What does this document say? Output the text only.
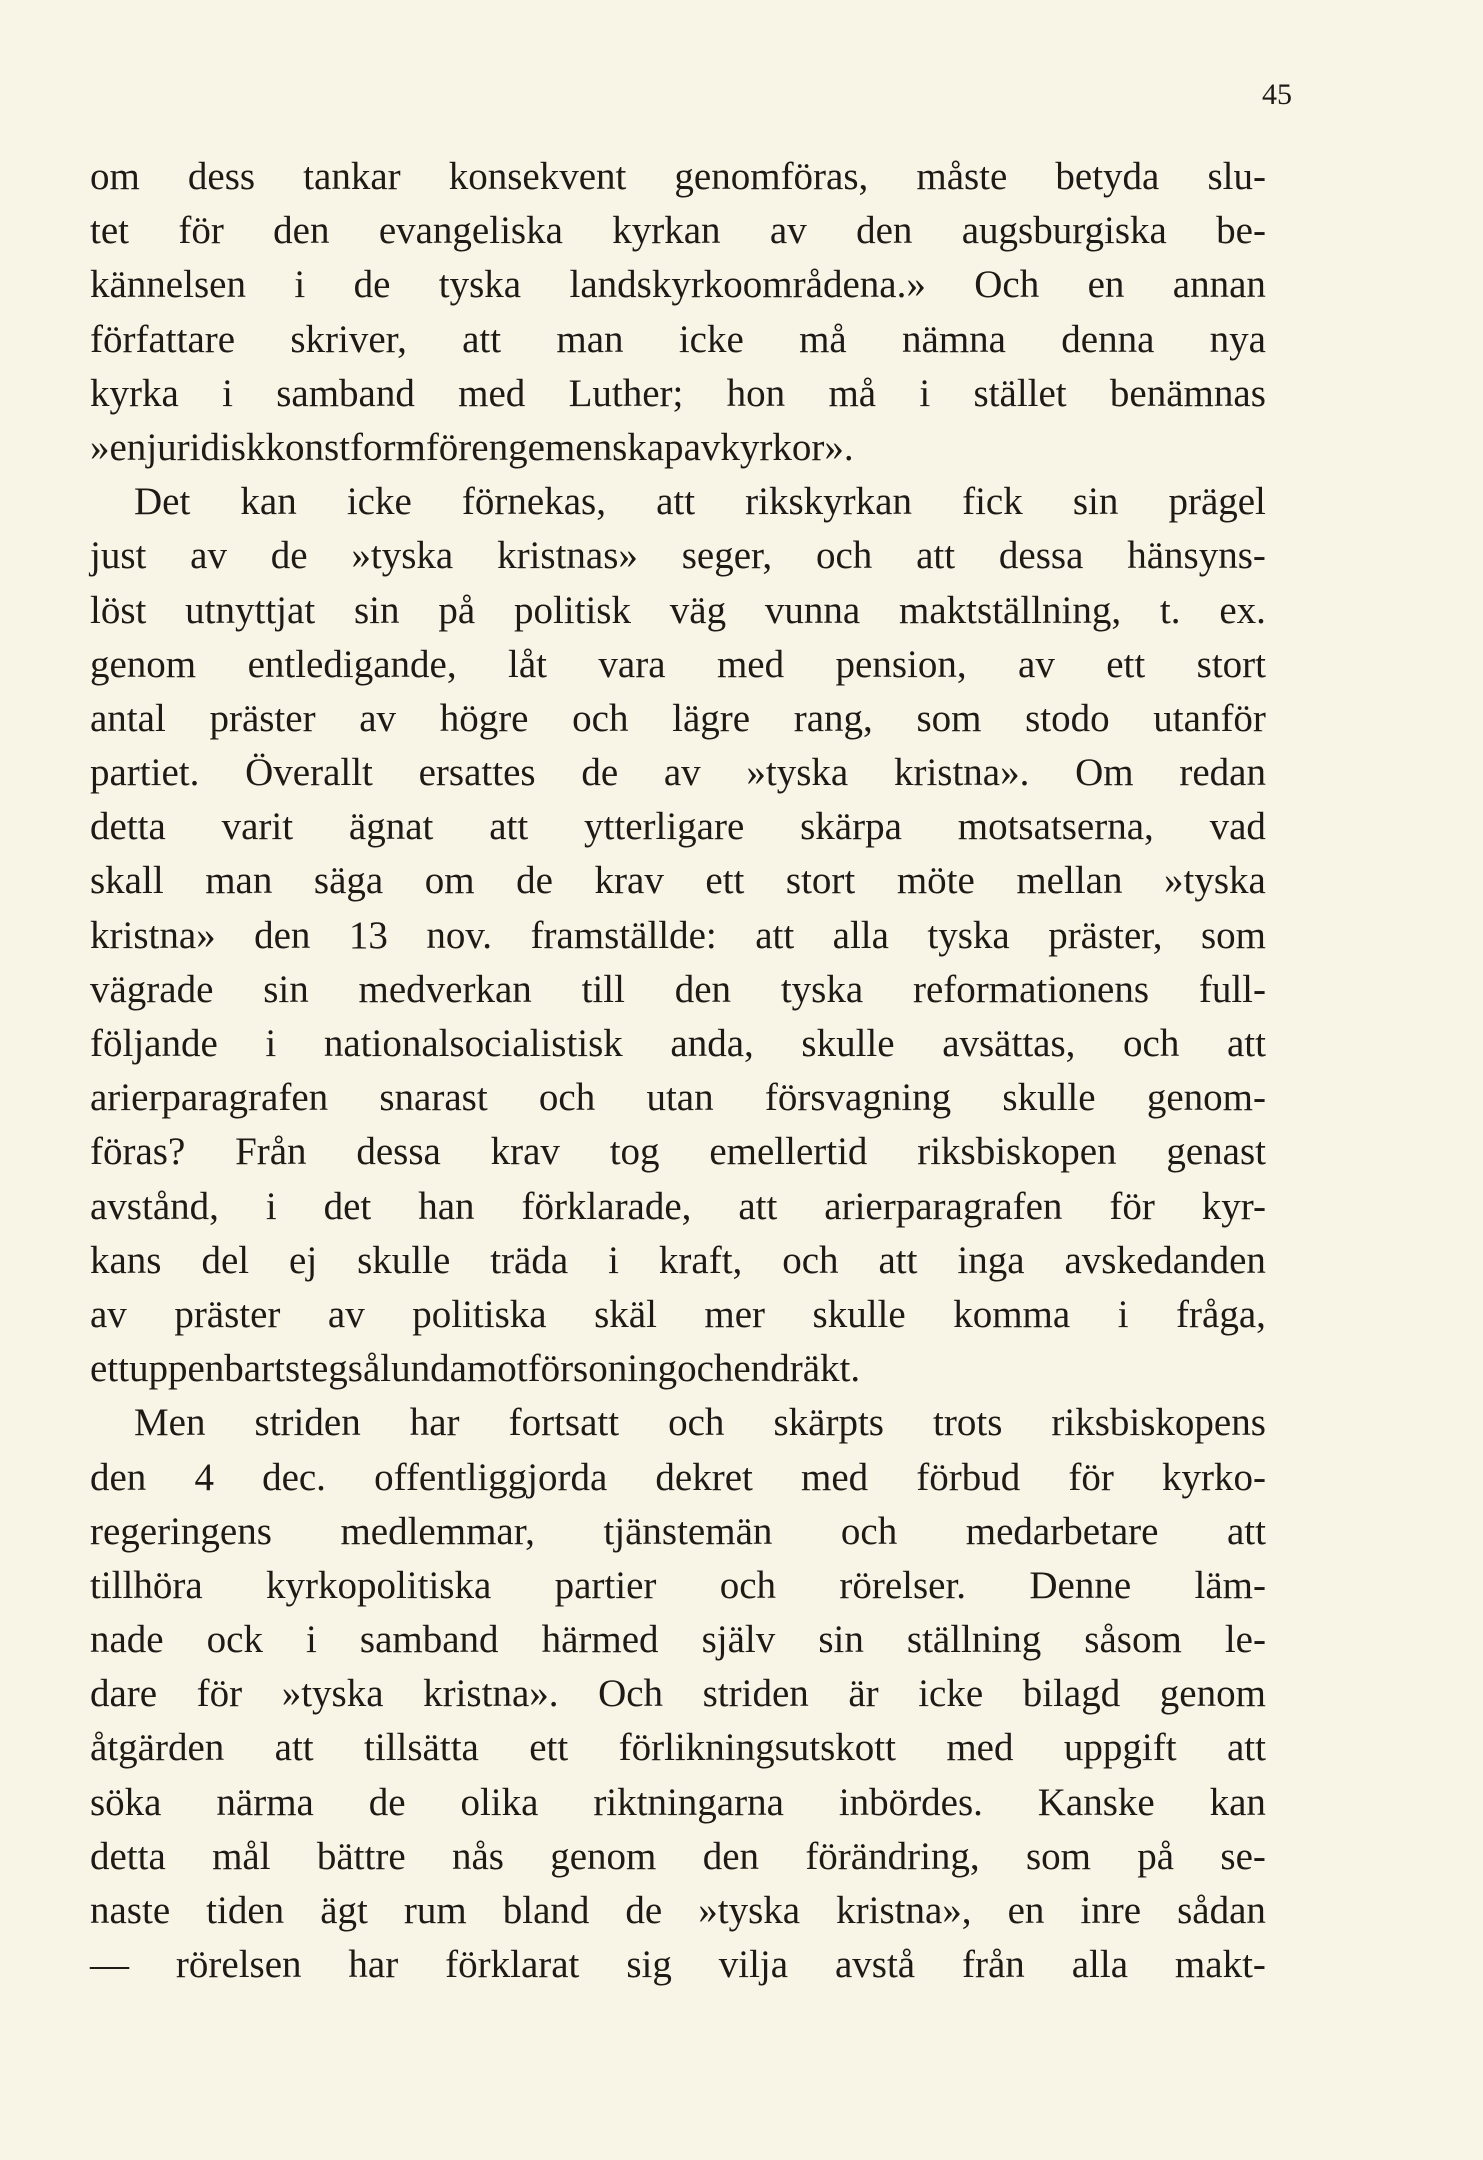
45
om dess tankar konsekvent genomföras, måste betyda slu-
tet för den evangeliska kyrkan av den augsburgiska be-
kännelsen i de tyska landskyrkoområdena.» Och en annan
författare skriver, att man icke må nämna denna nya
kyrka i samband med Luther; hon må i stället benämnas
»en juridisk konstform för en gemenskap av kyrkor».
Det kan icke förnekas, att rikskyrkan fick sin prägel
just av de »tyska kristnas» seger, och att dessa hänsyns-
löst utnyttjat sin på politisk väg vunna maktställning, t. ex.
genom entledigande, låt vara med pension, av ett stort
antal präster av högre och lägre rang, som stodo utanför
partiet. Överallt ersattes de av »tyska kristna». Om redan
detta varit ägnat att ytterligare skärpa motsatserna, vad
skall man säga om de krav ett stort möte mellan »tyska
kristna» den 13 nov. framställde: att alla tyska präster, som
vägrade sin medverkan till den tyska reformationens full-
följande i nationalsocialistisk anda, skulle avsättas, och att
arierparagrafen snarast och utan försvagning skulle genom-
föras? Från dessa krav tog emellertid riksbiskopen genast
avstånd, i det han förklarade, att arierparagrafen för kyr-
kans del ej skulle träda i kraft, och att inga avskedanden
av präster av politiska skäl mer skulle komma i fråga,
ett uppenbart steg sålunda mot försoning och endräkt.
Men striden har fortsatt och skärpts trots riksbiskopens
den 4 dec. offentliggjorda dekret med förbud för kyrko-
regeringens medlemmar, tjänstemän och medarbetare att
tillhöra kyrkopolitiska partier och rörelser. Denne läm-
nade ock i samband härmed själv sin ställning såsom le-
dare för »tyska kristna». Och striden är icke bilagd genom
åtgärden att tillsätta ett förlikningsutskott med uppgift att
söka närma de olika riktningarna inbördes. Kanske kan
detta mål bättre nås genom den förändring, som på se-
naste tiden ägt rum bland de »tyska kristna», en inre sådan
— rörelsen har förklarat sig vilja avstå från alla makt-
